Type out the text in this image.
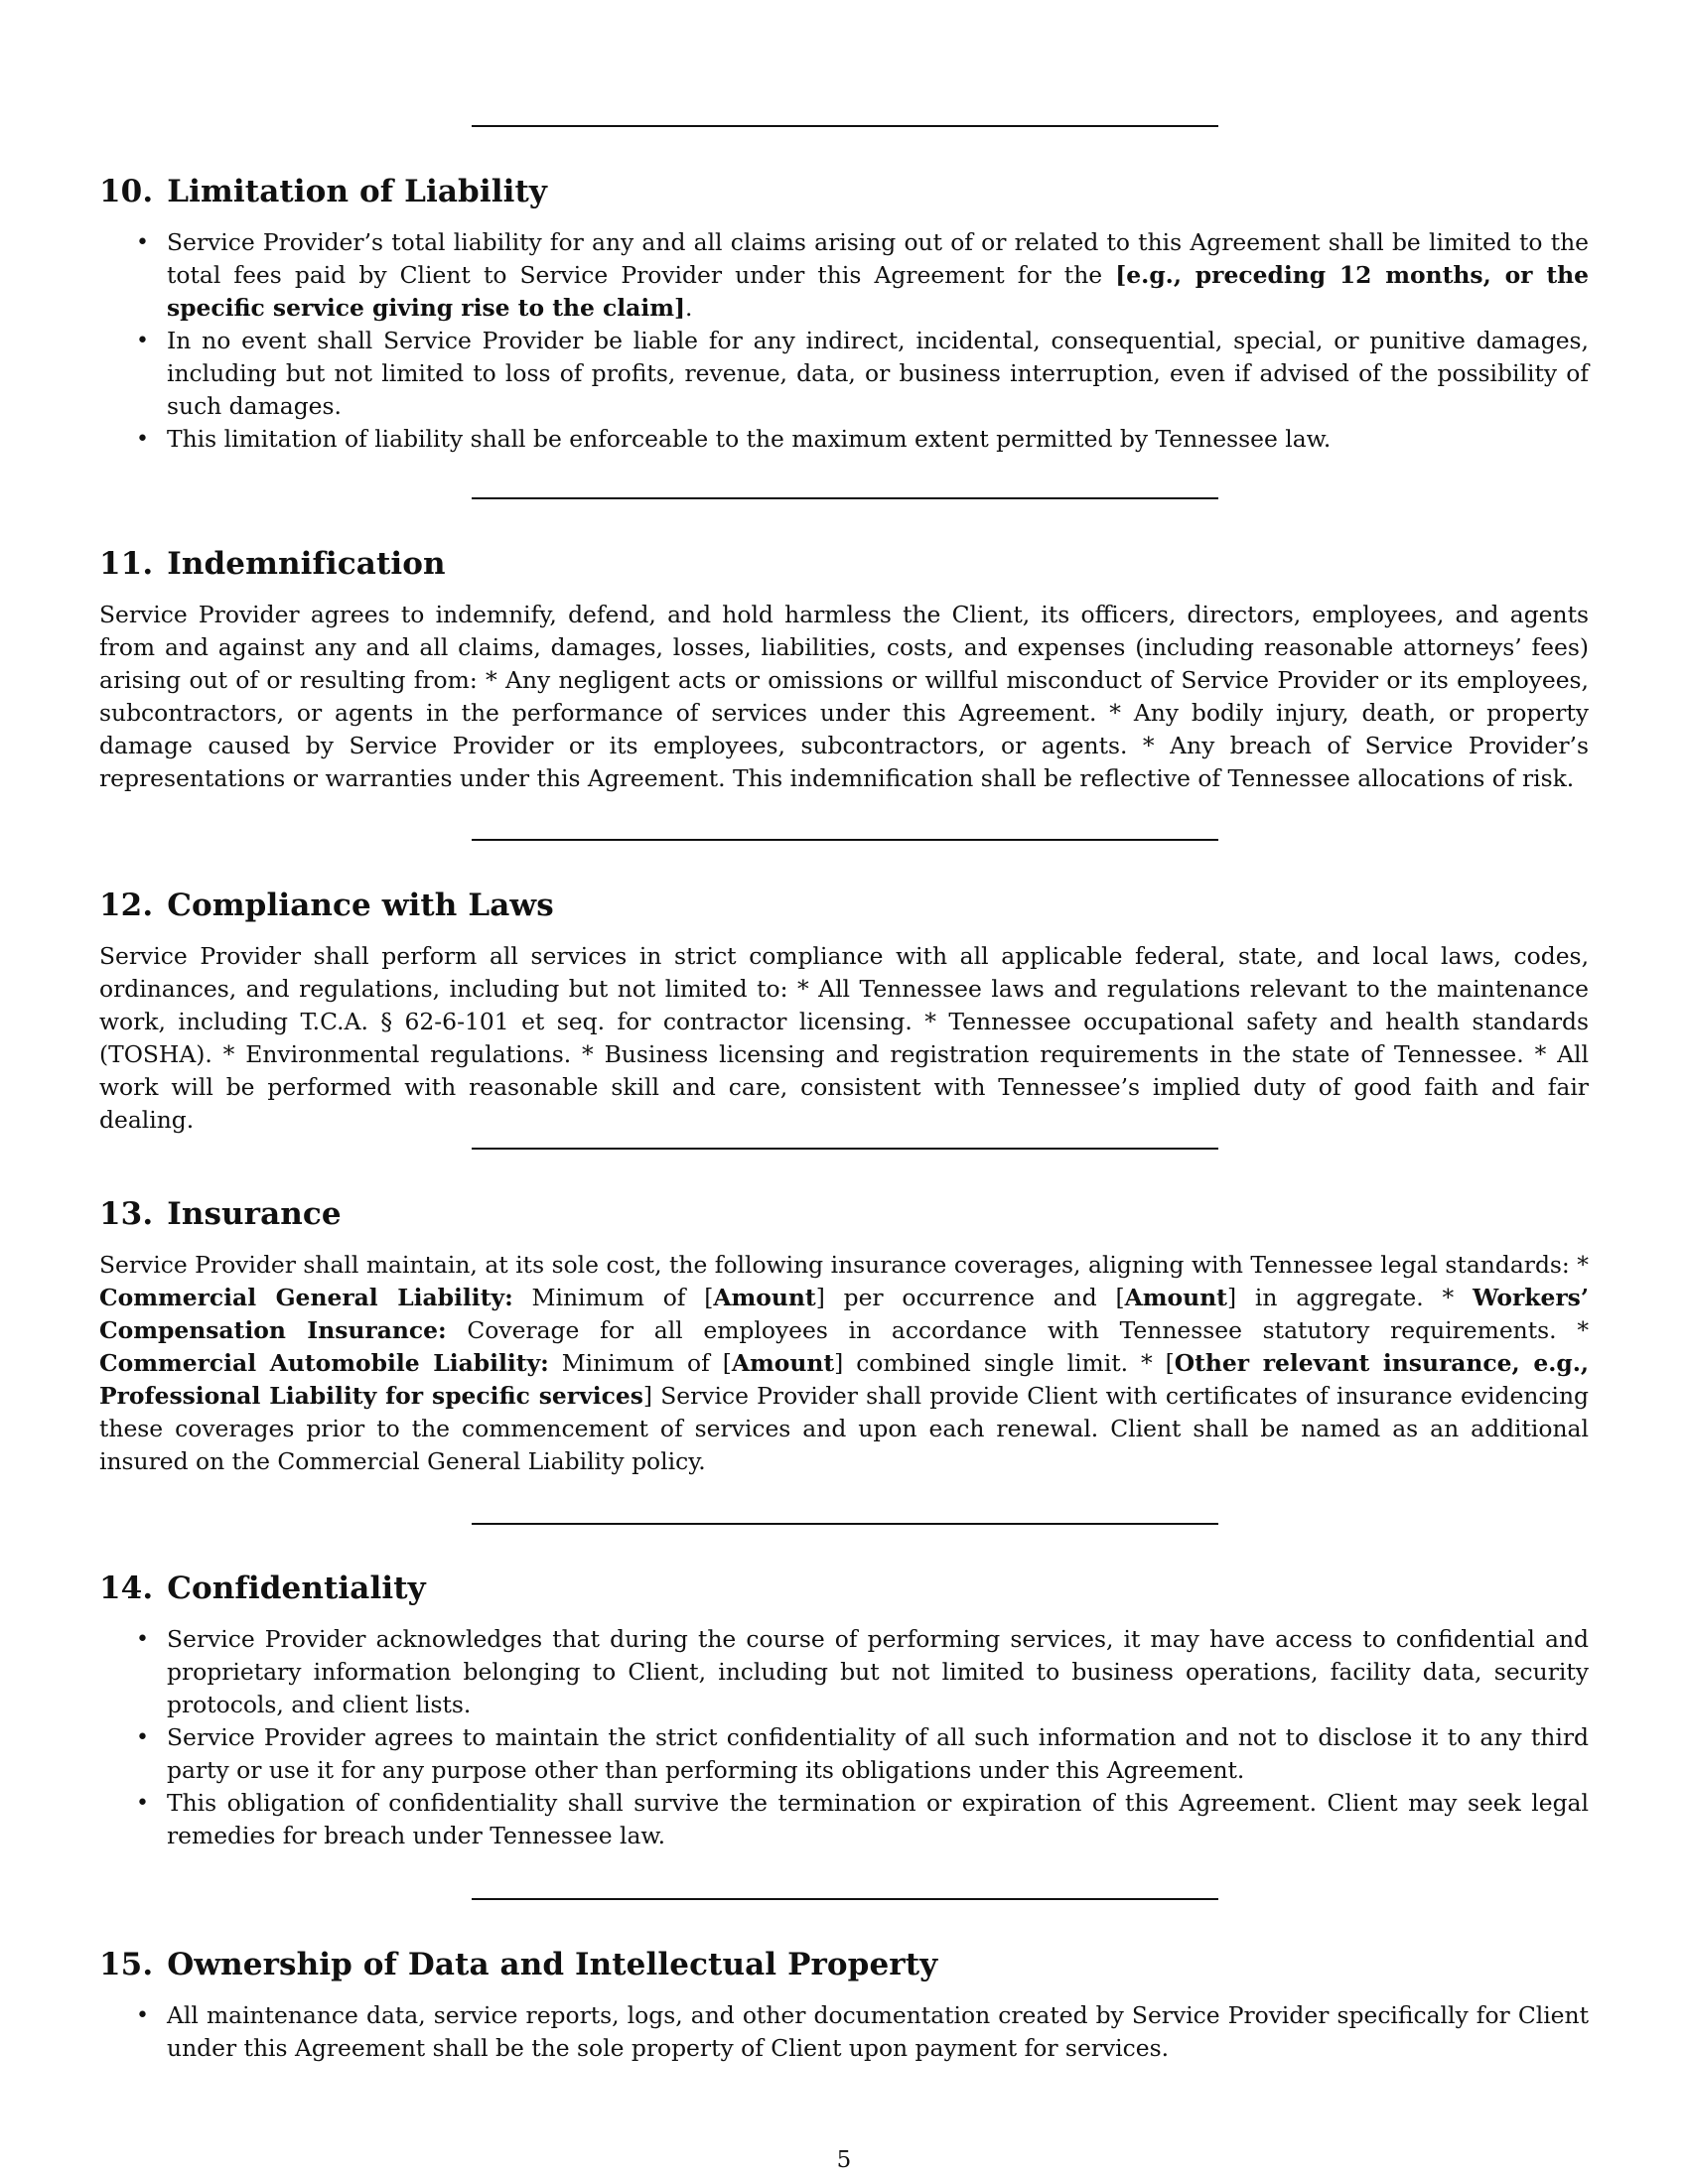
10. Limitation of Liability
• Service Provider’s total liability for any and all claims arising out of or related to this Agreement shall be limited to the total fees paid by Client to Service Provider under this Agreement for the [e.g., preceding 12 months, or the specific service giving rise to the claim].
• In no event shall Service Provider be liable for any indirect, incidental, consequential, special, or punitive damages, including but not limited to loss of profits, revenue, data, or business interruption, even if advised of the possibility of such damages.
• This limitation of liability shall be enforceable to the maximum extent permitted by Tennessee law.
11. Indemnification

Service Provider agrees to indemnify, defend, and hold harmless the Client, its officers, directors, employees, and agents from and against any and all claims, damages, losses, liabilities, costs, and expenses (including reasonable attorneys’ fees) arising out of or resulting from: * Any negligent acts or omissions or willful misconduct of Service Provider or its employees, subcontractors, or agents in the performance of services under this Agreement. * Any bodily injury, death, or property damage caused by Service Provider or its employees, subcontractors, or agents. * Any breach of Service Provider’s representations or warranties under this Agreement. This indemnification shall be reflective of Tennessee allocations of risk.

12. Compliance with Laws

Service Provider shall perform all services in strict compliance with all applicable federal, state, and local laws, codes, ordinances, and regulations, including but not limited to: * All Tennessee laws and regulations relevant to the maintenance work, including T.C.A. § 62-6-101 et seq. for contractor licensing. * Tennessee occupational safety and health standards (TOSHA). * Environmental regulations. * Business licensing and registration requirements in the state of Tennessee. * All work will be performed with reasonable skill and care, consistent with Tennessee’s implied duty of good faith and fair dealing.

13. Insurance

Service Provider shall maintain, at its sole cost, the following insurance coverages, aligning with Tennessee legal standards: * Commercial General Liability: Minimum of [Amount] per occurrence and [Amount] in aggregate. * Workers’ Compensation Insurance: Coverage for all employees in accordance with Tennessee statutory requirements. * Commercial Automobile Liability: Minimum of [Amount] combined single limit. * [Other relevant insurance, e.g., Professional Liability for specific services] Service Provider shall provide Client with certificates of insurance evidencing these coverages prior to the commencement of services and upon each renewal. Client shall be named as an additional insured on the Commercial General Liability policy.

14. Confidentiality
• Service Provider acknowledges that during the course of performing services, it may have access to confidential and proprietary information belonging to Client, including but not limited to business operations, facility data, security protocols, and client lists.
• Service Provider agrees to maintain the strict confidentiality of all such information and not to disclose it to any third party or use it for any purpose other than performing its obligations under this Agreement.
• This obligation of confidentiality shall survive the termination or expiration of this Agreement. Client may seek legal remedies for breach under Tennessee law.
15. Ownership of Data and Intellectual Property
• All maintenance data, service reports, logs, and other documentation created by Service Provider specifically for Client under this Agreement shall be the sole property of Client upon payment for services.
5
